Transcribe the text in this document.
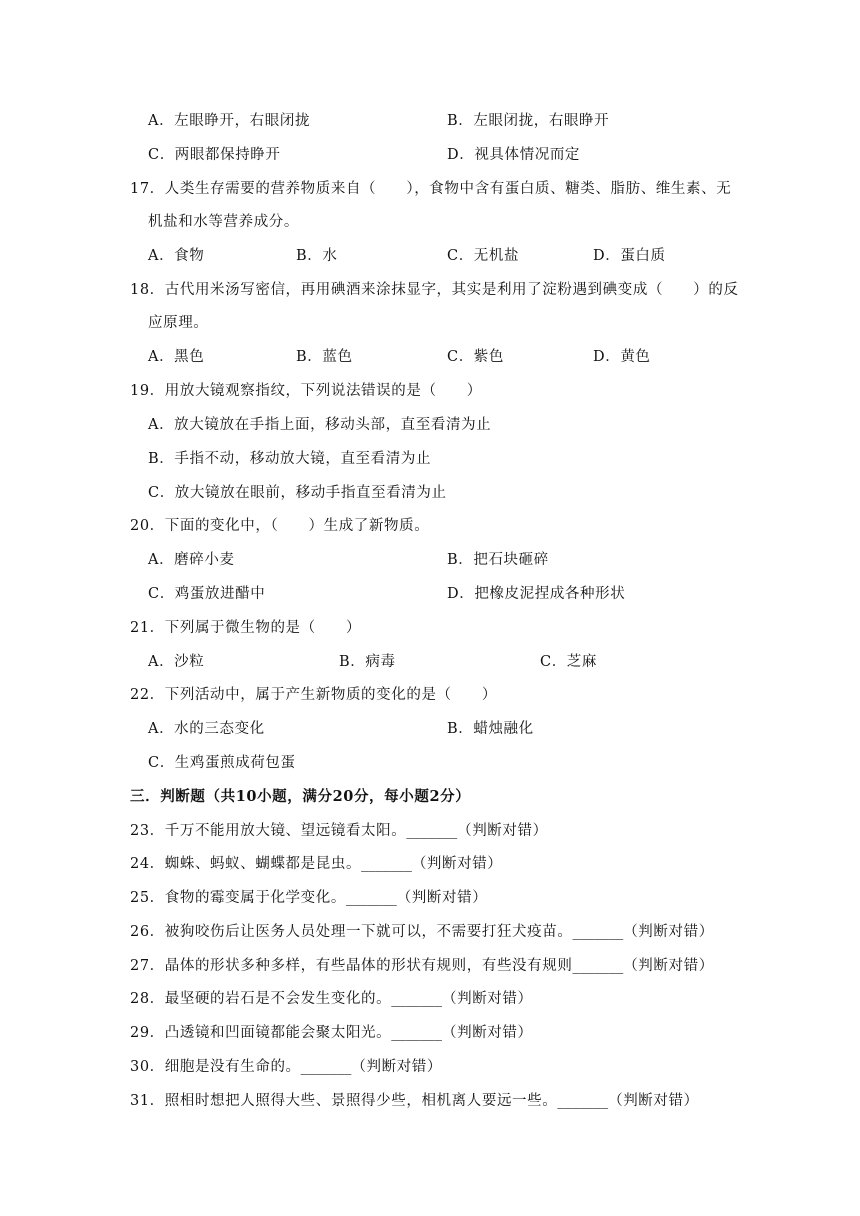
A．左眼睁开，右眼闭拢	B．左眼闭拢，右眼睁开
C．两眼都保持睁开	D．视具体情况而定
17．人类生存需要的营养物质来自（　　），食物中含有蛋白质、糖类、脂肪、维生素、无
机盐和水等营养成分。
A．食物	B．水	C．无机盐	D．蛋白质
18．古代用米汤写密信，再用碘酒来涂抹显字，其实是利用了淀粉遇到碘变成（　　）的反
应原理。
A．黑色	B．蓝色	C．紫色	D．黄色
19．用放大镜观察指纹，下列说法错误的是（　　）
A．放大镜放在手指上面，移动头部，直至看清为止
B．手指不动，移动放大镜，直至看清为止
C．放大镜放在眼前，移动手指直至看清为止
20．下面的变化中，（　　）生成了新物质。
A．磨碎小麦	B．把石块砸碎
C．鸡蛋放进醋中	D．把橡皮泥捏成各种形状
21．下列属于微生物的是（　　）
A．沙粒	B．病毒	C．芝麻
22．下列活动中，属于产生新物质的变化的是（　　）
A．水的三态变化	B．蜡烛融化
C．生鸡蛋煎成荷包蛋
三．判断题（共10小题，满分20分，每小题2分）
23．千万不能用放大镜、望远镜看太阳。_______（判断对错）
24．蜘蛛、蚂蚁、蝴蝶都是昆虫。_______（判断对错）
25．食物的霉变属于化学变化。_______（判断对错）
26．被狗咬伤后让医务人员处理一下就可以，不需要打狂犬疫苗。_______（判断对错）
27．晶体的形状多种多样，有些晶体的形状有规则，有些没有规则_______（判断对错）
28．最坚硬的岩石是不会发生变化的。_______（判断对错）
29．凸透镜和凹面镜都能会聚太阳光。_______（判断对错）
30．细胞是没有生命的。_______（判断对错）
31．照相时想把人照得大些、景照得少些，相机离人要远一些。_______（判断对错）
